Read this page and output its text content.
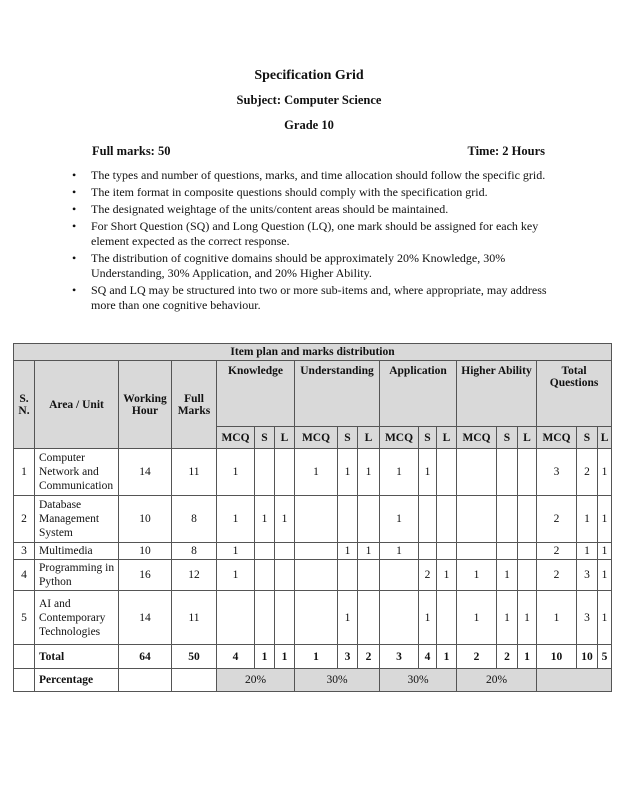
Specification Grid
Subject: Computer Science
Grade 10
Full marks: 50	Time: 2 Hours
• The types and number of questions, marks, and time allocation should follow the specific grid.
• The item format in composite questions should comply with the specification grid.
• The designated weightage of the units/content areas should be maintained.
• For Short Question (SQ) and Long Question (LQ), one mark should be assigned for each key element expected as the correct response.
• The distribution of cognitive domains should be approximately 20% Knowledge, 30% Understanding, 30% Application, and 20% Higher Ability.
• SQ and LQ may be structured into two or more sub-items and, where appropriate, may address more than one cognitive behaviour.
Item plan and marks distribution																		
S. N.	Area / Unit	Working Hour	Full Marks	Knowledge			Understanding			Application			Higher Ability			Total Questions		
				MCQ	S	L	MCQ	S	L	MCQ	S	L	MCQ	S	L	MCQ	S	L
1	Computer Network and Communication	14	11	1			1	1	1	1	1					3	2	1
2	Database Management System	10	8	1	1	1				1						2	1	1
3	Multimedia	10	8	1				1	1	1						2	1	1
4	Programming in Python	16	12	1							2	1	1	1		2	3	1
5	AI and Contemporary Technologies	14	11					1			1		1	1	1	1	3	1
	Total	64	50	4	1	1	1	3	2	3	4	1	2	2	1	10	10	5
	Percentage			20%			30%			30%			20%					
